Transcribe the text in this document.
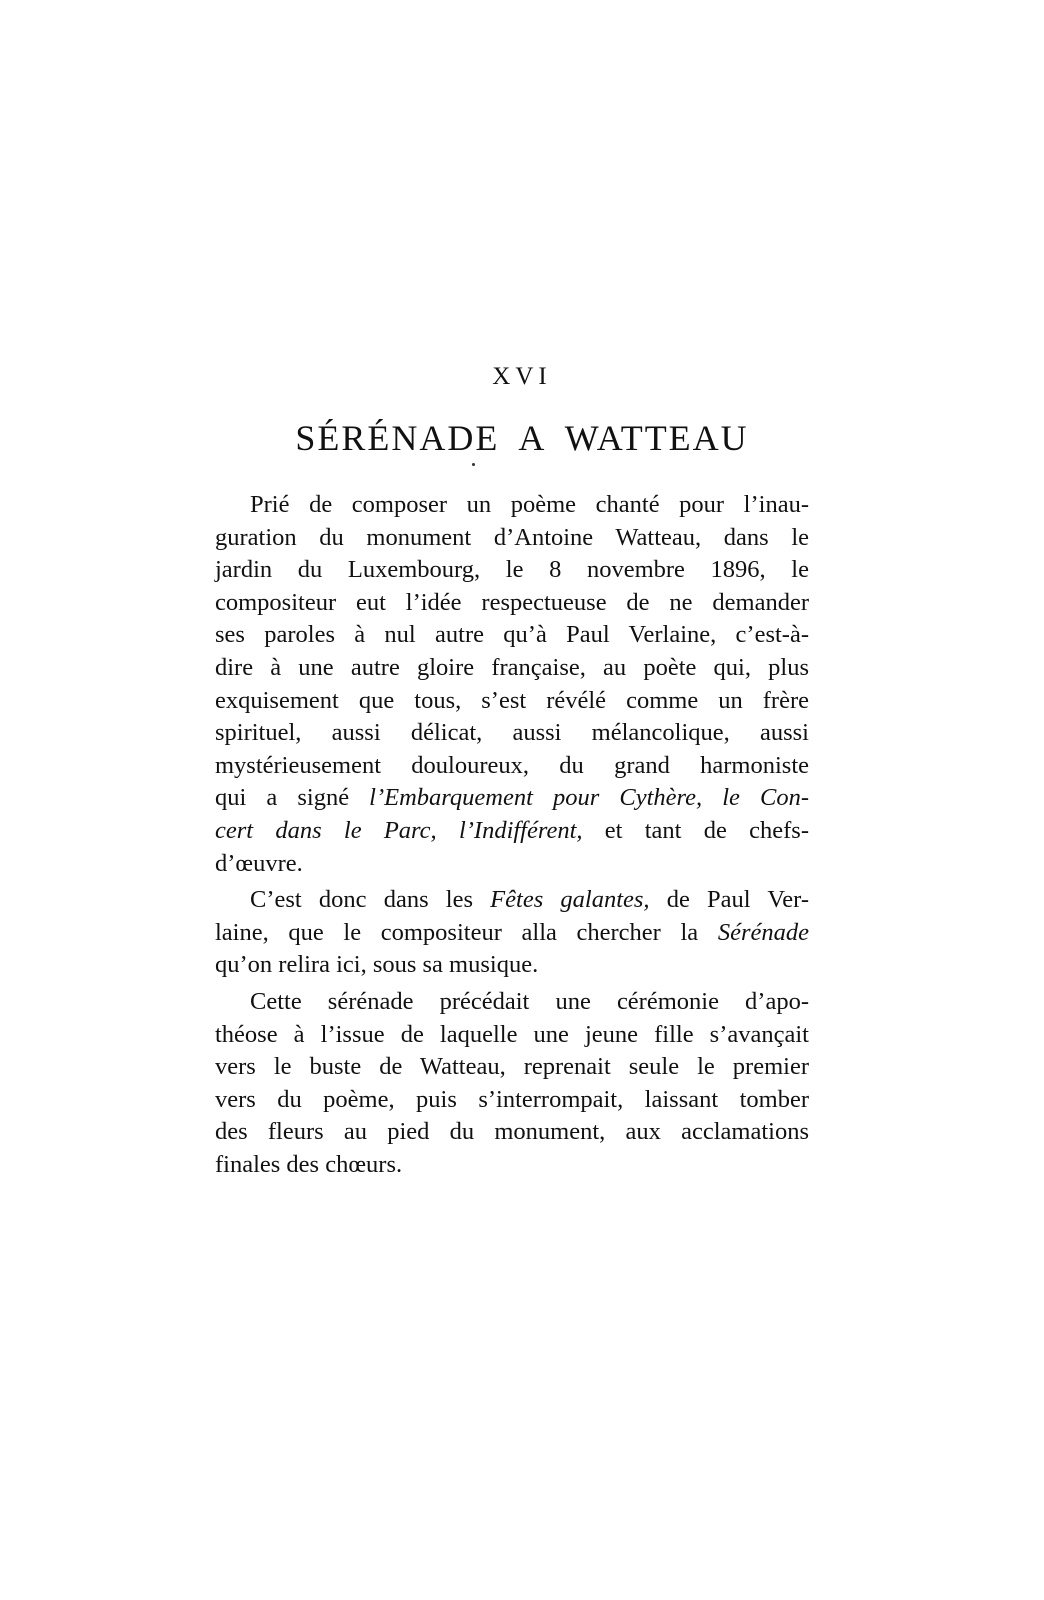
XVI
SÉRÉNADE A WATTEAU
Prié de composer un poème chanté pour l’inau-
guration du monument d’Antoine Watteau, dans le
jardin du Luxembourg, le 8 novembre 1896, le
compositeur eut l’idée respectueuse de ne demander
ses paroles à nul autre qu’à Paul Verlaine, c’est-à-
dire à une autre gloire française, au poète qui, plus
exquisement que tous, s’est révélé comme un frère
spirituel, aussi délicat, aussi mélancolique, aussi
mystérieusement douloureux, du grand harmoniste
qui a signé l’Embarquement pour Cythère, le Con-
cert dans le Parc, l’Indifférent, et tant de chefs-
d’œuvre.
C’est donc dans les Fêtes galantes, de Paul Ver-
laine, que le compositeur alla chercher la Sérénade
qu’on relira ici, sous sa musique.
Cette sérénade précédait une cérémonie d’apo-
théose à l’issue de laquelle une jeune fille s’avançait
vers le buste de Watteau, reprenait seule le premier
vers du poème, puis s’interrompait, laissant tomber
des fleurs au pied du monument, aux acclamations
finales des chœurs.
